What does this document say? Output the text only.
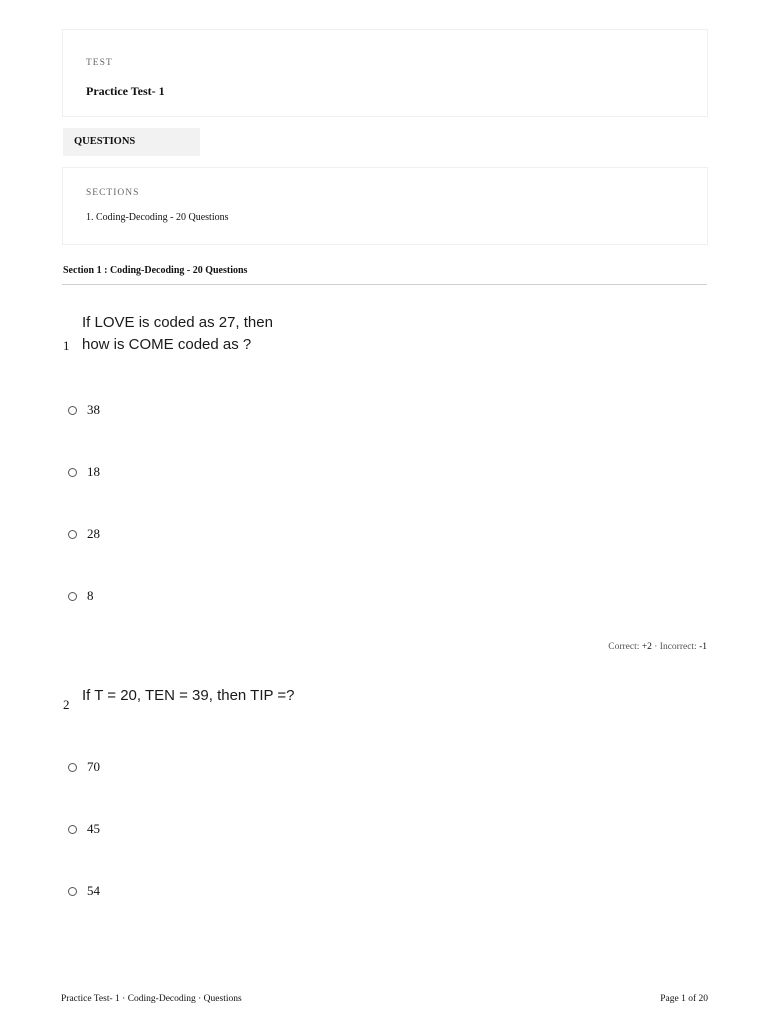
TEST
Practice Test- 1
QUESTIONS
SECTIONS
1. Coding-Decoding - 20 Questions
Section 1 : Coding-Decoding - 20 Questions
1
If LOVE is coded as 27, then
how is COME coded as ?
38
18
28
8
Correct: +2 · Incorrect: -1
2
If T = 20, TEN = 39, then TIP =?
70
45
54
Practice Test- 1 · Coding-Decoding · Questions	Page 1 of 20
